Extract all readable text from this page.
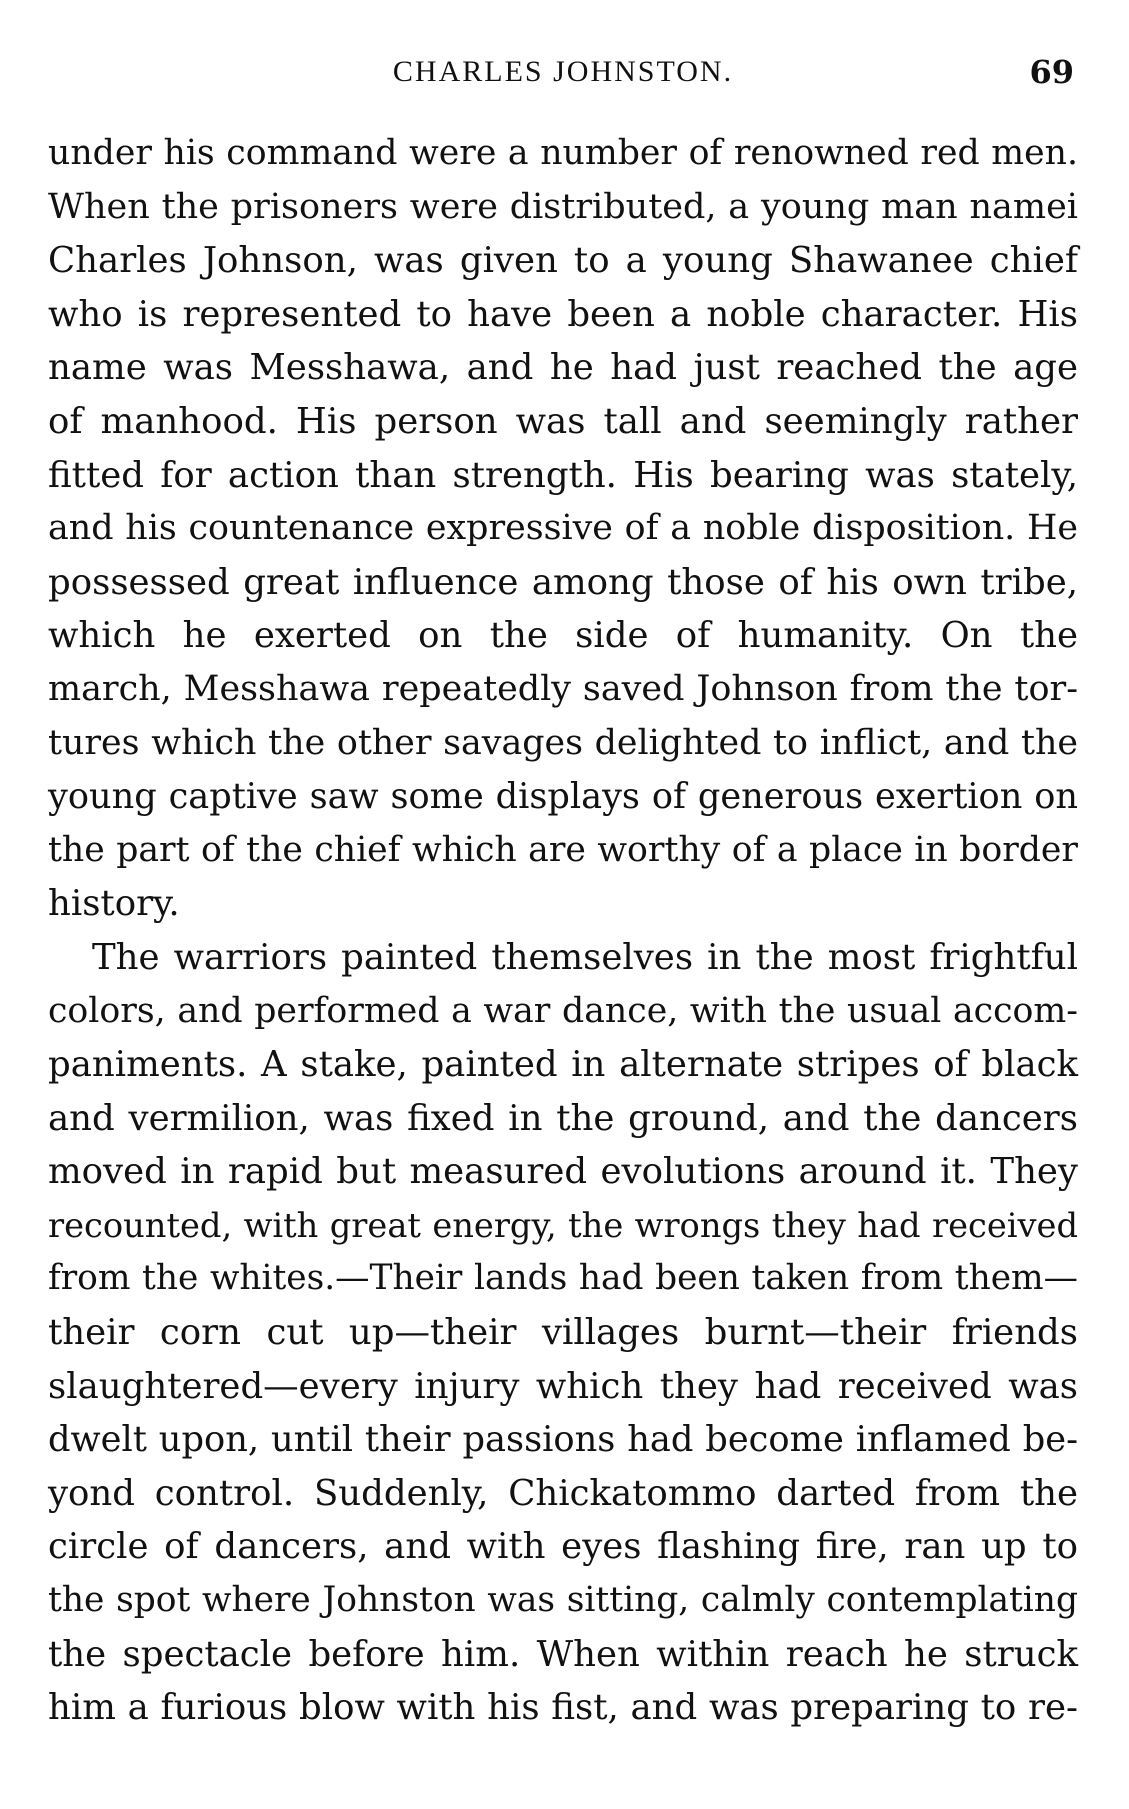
CHARLES JOHNSTON.	69

under his command were a number of renowned red men.
When the prisoners were distributed, a young man namei
Charles Johnson, was given to a young Shawanee chief
who is represented to have been a noble character. His
name was Messhawa, and he had just reached the age
of manhood. His person was tall and seemingly rather
fitted for action than strength. His bearing was stately,
and his countenance expressive of a noble disposition. He
possessed great influence among those of his own tribe,
which he exerted on the side of humanity. On the
march, Messhawa repeatedly saved Johnson from the tor-
tures which the other savages delighted to inflict, and the
young captive saw some displays of generous exertion on
the part of the chief which are worthy of a place in border
history.

The warriors painted themselves in the most frightful
colors, and performed a war dance, with the usual accom-
paniments. A stake, painted in alternate stripes of black
and vermilion, was fixed in the ground, and the dancers
moved in rapid but measured evolutions around it. They
recounted, with great energy, the wrongs they had received
from the whites.—Their lands had been taken from them—
their corn cut up—their villages burnt—their friends
slaughtered—every injury which they had received was
dwelt upon, until their passions had become inflamed be-
yond control. Suddenly, Chickatommo darted from the
circle of dancers, and with eyes flashing fire, ran up to
the spot where Johnston was sitting, calmly contemplating
the spectacle before him. When within reach he struck
him a furious blow with his fist, and was preparing to re-
